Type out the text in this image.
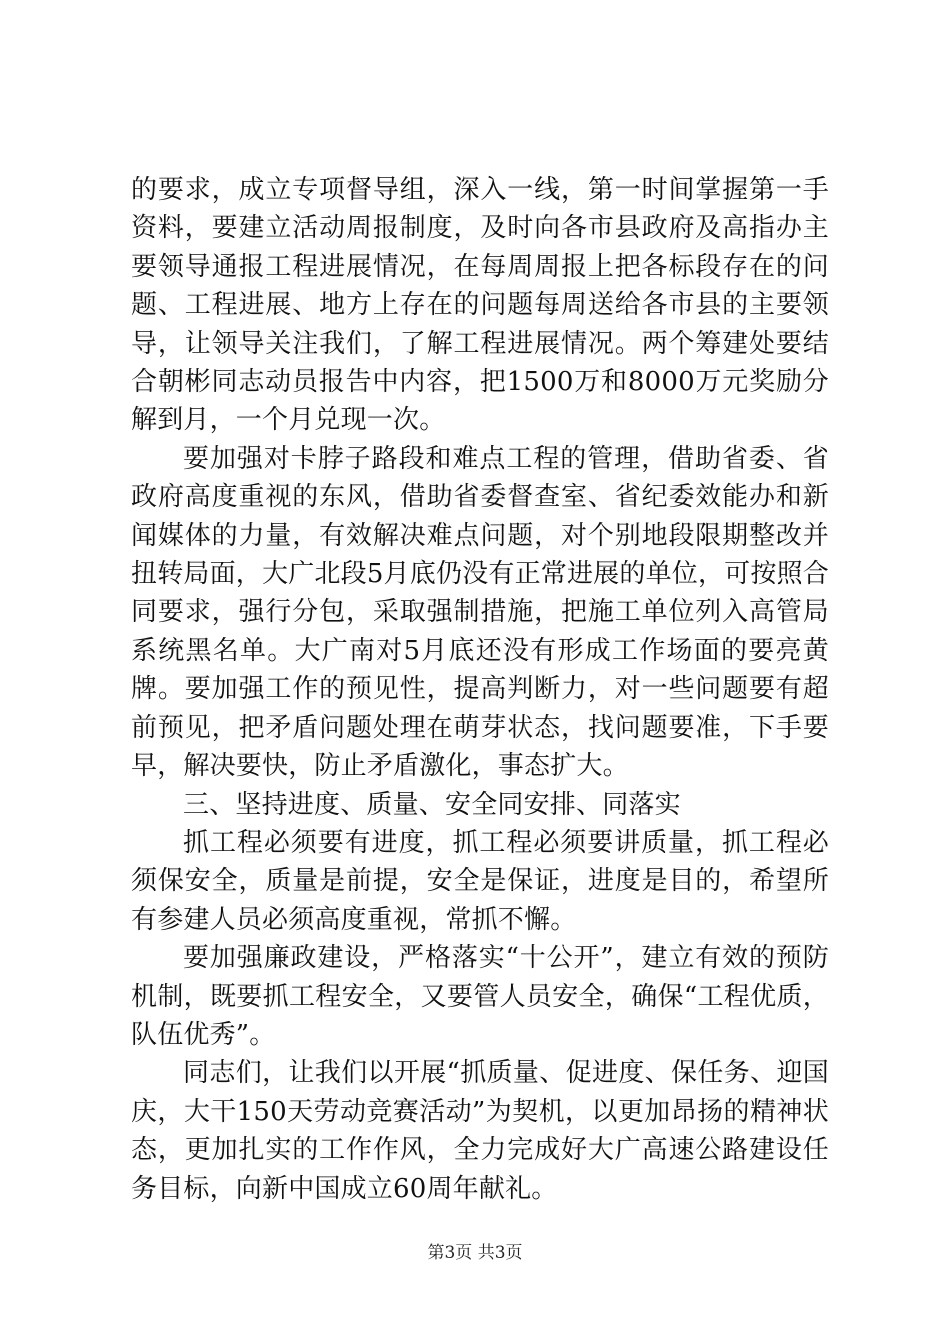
的要求，成立专项督导组，深入一线，第一时间掌握第一手资料，要建立活动周报制度，及时向各市县政府及高指办主要领导通报工程进展情况，在每周周报上把各标段存在的问题、工程进展、地方上存在的问题每周送给各市县的主要领导，让领导关注我们，了解工程进展情况。两个筹建处要结合朝彬同志动员报告中内容，把1500万和8000万元奖励分解到月，一个月兑现一次。

要加强对卡脖子路段和难点工程的管理，借助省委、省政府高度重视的东风，借助省委督查室、省纪委效能办和新闻媒体的力量，有效解决难点问题，对个别地段限期整改并扭转局面，大广北段5月底仍没有正常进展的单位，可按照合同要求，强行分包，采取强制措施，把施工单位列入高管局系统黑名单。大广南对5月底还没有形成工作场面的要亮黄牌。要加强工作的预见性，提高判断力，对一些问题要有超前预见，把矛盾问题处理在萌芽状态，找问题要准，下手要早，解决要快，防止矛盾激化，事态扩大。

三、坚持进度、质量、安全同安排、同落实

抓工程必须要有进度，抓工程必须要讲质量，抓工程必须保安全，质量是前提，安全是保证，进度是目的，希望所有参建人员必须高度重视，常抓不懈。

要加强廉政建设，严格落实“十公开”，建立有效的预防机制，既要抓工程安全，又要管人员安全，确保“工程优质，队伍优秀”。

同志们，让我们以开展“抓质量、促进度、保任务、迎国庆，大干150天劳动竞赛活动”为契机，以更加昂扬的精神状态，更加扎实的工作作风，全力完成好大广高速公路建设任务目标，向新中国成立60周年献礼。

第3页 共3页
